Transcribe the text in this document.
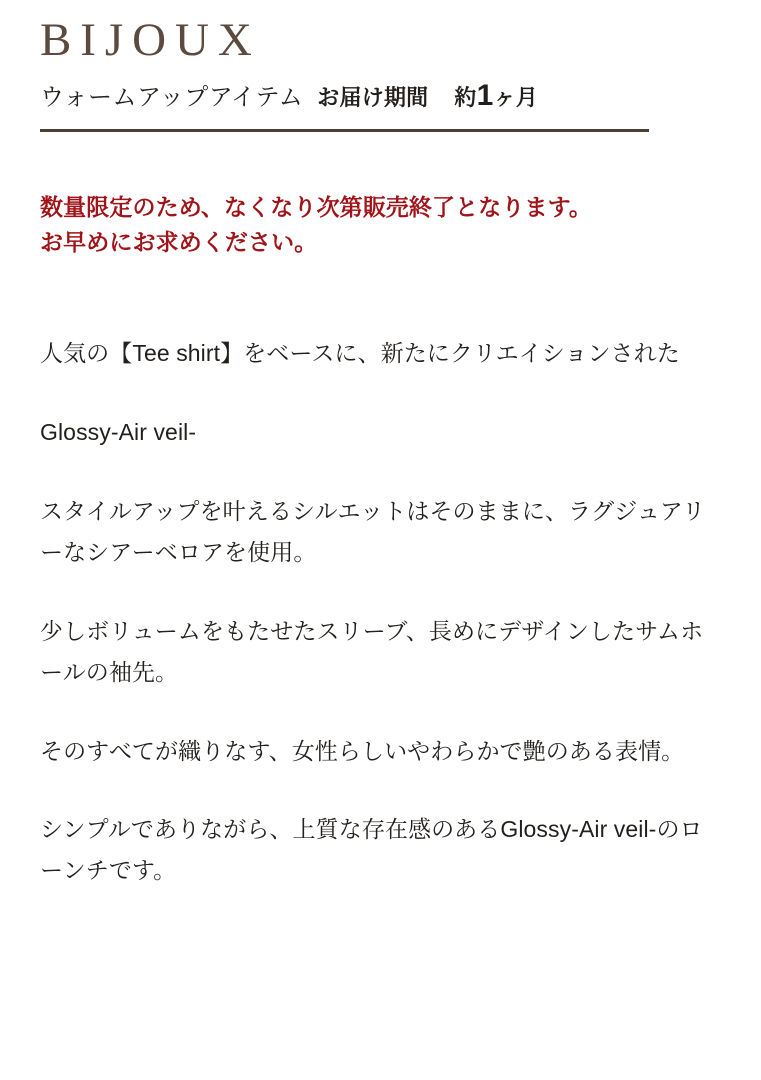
BIJOUX
ウォームアップアイテム お届け期間 約1ヶ月
数量限定のため、なくなり次第販売終了となります。
お早めにお求めください。

人気の【Tee shirt】をベースに、新たにクリエイションされた

Glossy-Air veil-

スタイルアップを叶えるシルエットはそのままに、ラグジュアリーなシアーベロアを使用。

少しボリュームをもたせたスリーブ、長めにデザインしたサムホールの袖先。

そのすべてが織りなす、女性らしいやわらかで艶のある表情。

シンプルでありながら、上質な存在感のあるGlossy-Air veil-のローンチです。
